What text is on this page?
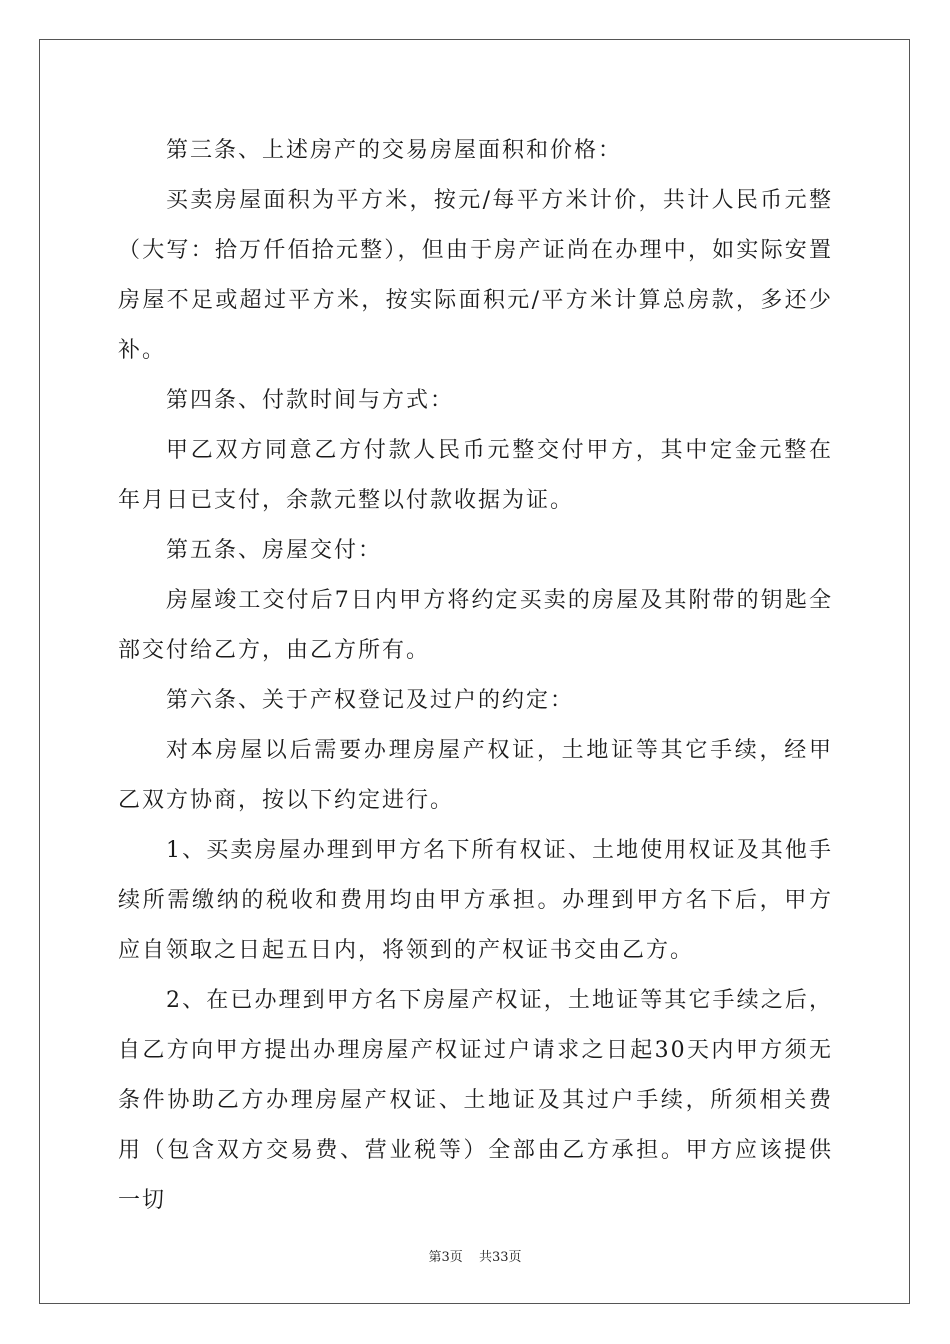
第三条、上述房产的交易房屋面积和价格：

买卖房屋面积为平方米，按元/每平方米计价，共计人民币元整（大写：拾万仟佰拾元整），但由于房产证尚在办理中，如实际安置房屋不足或超过平方米，按实际面积元/平方米计算总房款，多还少补。

第四条、付款时间与方式：

甲乙双方同意乙方付款人民币元整交付甲方，其中定金元整在年月日已支付，余款元整以付款收据为证。

第五条、房屋交付：

房屋竣工交付后7日内甲方将约定买卖的房屋及其附带的钥匙全部交付给乙方，由乙方所有。

第六条、关于产权登记及过户的约定：

对本房屋以后需要办理房屋产权证，土地证等其它手续，经甲乙双方协商，按以下约定进行。

1、买卖房屋办理到甲方名下所有权证、土地使用权证及其他手续所需缴纳的税收和费用均由甲方承担。办理到甲方名下后，甲方应自领取之日起五日内，将领到的产权证书交由乙方。

2、在已办理到甲方名下房屋产权证，土地证等其它手续之后，自乙方向甲方提出办理房屋产权证过户请求之日起30天内甲方须无条件协助乙方办理房屋产权证、土地证及其过户手续，所须相关费用（包含双方交易费、营业税等）全部由乙方承担。甲方应该提供一切

第3页 共33页
